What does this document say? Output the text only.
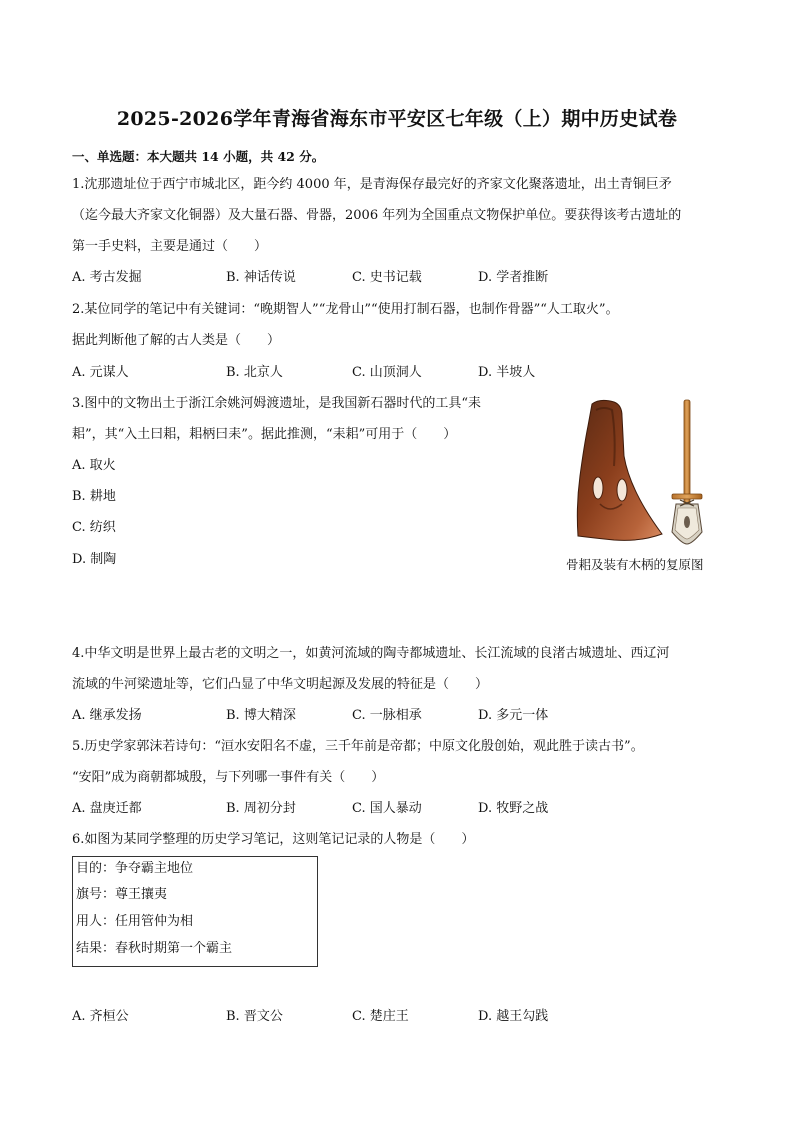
2025-2026学年青海省海东市平安区七年级（上）期中历史试卷
一、单选题：本大题共 14 小题，共 42 分。
1.沈那遗址位于西宁市城北区，距今约 4000 年，是青海保存最完好的齐家文化聚落遗址，出土青铜巨矛
（迄今最大齐家文化铜器）及大量石器、骨器，2006 年列为全国重点文物保护单位。要获得该考古遗址的
第一手史料，主要是通过（　　）
A. 考古发掘	B. 神话传说	C. 史书记载	D. 学者推断
2.某位同学的笔记中有关键词：“晚期智人”“龙骨山”“使用打制石器，也制作骨器”“人工取火”。
据此判断他了解的古人类是（　　）
A. 元谋人	B. 北京人	C. 山顶洞人	D. 半坡人
3.图中的文物出土于浙江余姚河姆渡遗址，是我国新石器时代的工具“耒
耜”，其“入土曰耜，耜柄曰耒”。据此推测，“耒耜”可用于（　　）
A. 取火
B. 耕地
C. 纺织
D. 制陶	骨耜及装有木柄的复原图
4.中华文明是世界上最古老的文明之一，如黄河流域的陶寺都城遗址、长江流域的良渚古城遗址、西辽河
流域的牛河梁遗址等，它们凸显了中华文明起源及发展的特征是（　　）
A. 继承发扬	B. 博大精深	C. 一脉相承	D. 多元一体
5.历史学家郭沫若诗句：“洹水安阳名不虚，三千年前是帝都；中原文化殷创始，观此胜于读古书”。
“安阳”成为商朝都城殷，与下列哪一事件有关（　　）
A. 盘庚迁都	B. 周初分封	C. 国人暴动	D. 牧野之战
6.如图为某同学整理的历史学习笔记，这则笔记记录的人物是（　　）
目的：争夺霸主地位
旗号：尊王攘夷
用人：任用管仲为相
结果：春秋时期第一个霸主
A. 齐桓公	B. 晋文公	C. 楚庄王	D. 越王勾践
